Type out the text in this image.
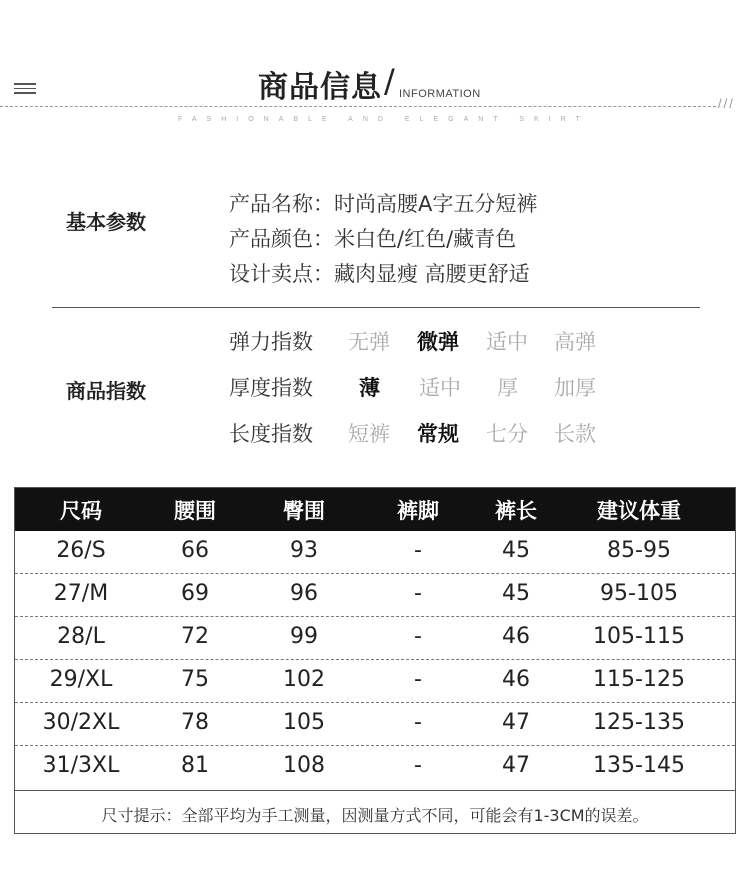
商品信息 / INFORMATION
///
FASHIONABLE AND ELEGANT SKIRT
基本参数
产品名称：时尚高腰A字五分短裤
产品颜色：米白色/红色/藏青色
设计卖点：藏肉显瘦 高腰更舒适
商品指数
弹力指数 无弹 微弹 适中 高弹
厚度指数 薄 适中 厚 加厚
长度指数 短裤 常规 七分 长款
尺码	腰围	臀围	裤脚	裤长	建议体重
26/S	66	93	-	45	85-95
27/M	69	96	-	45	95-105
28/L	72	99	-	46	105-115
29/XL	75	102	-	46	115-125
30/2XL	78	105	-	47	125-135
31/3XL	81	108	-	47	135-145
尺寸提示：全部平均为手工测量，因测量方式不同，可能会有1-3CM的误差。
